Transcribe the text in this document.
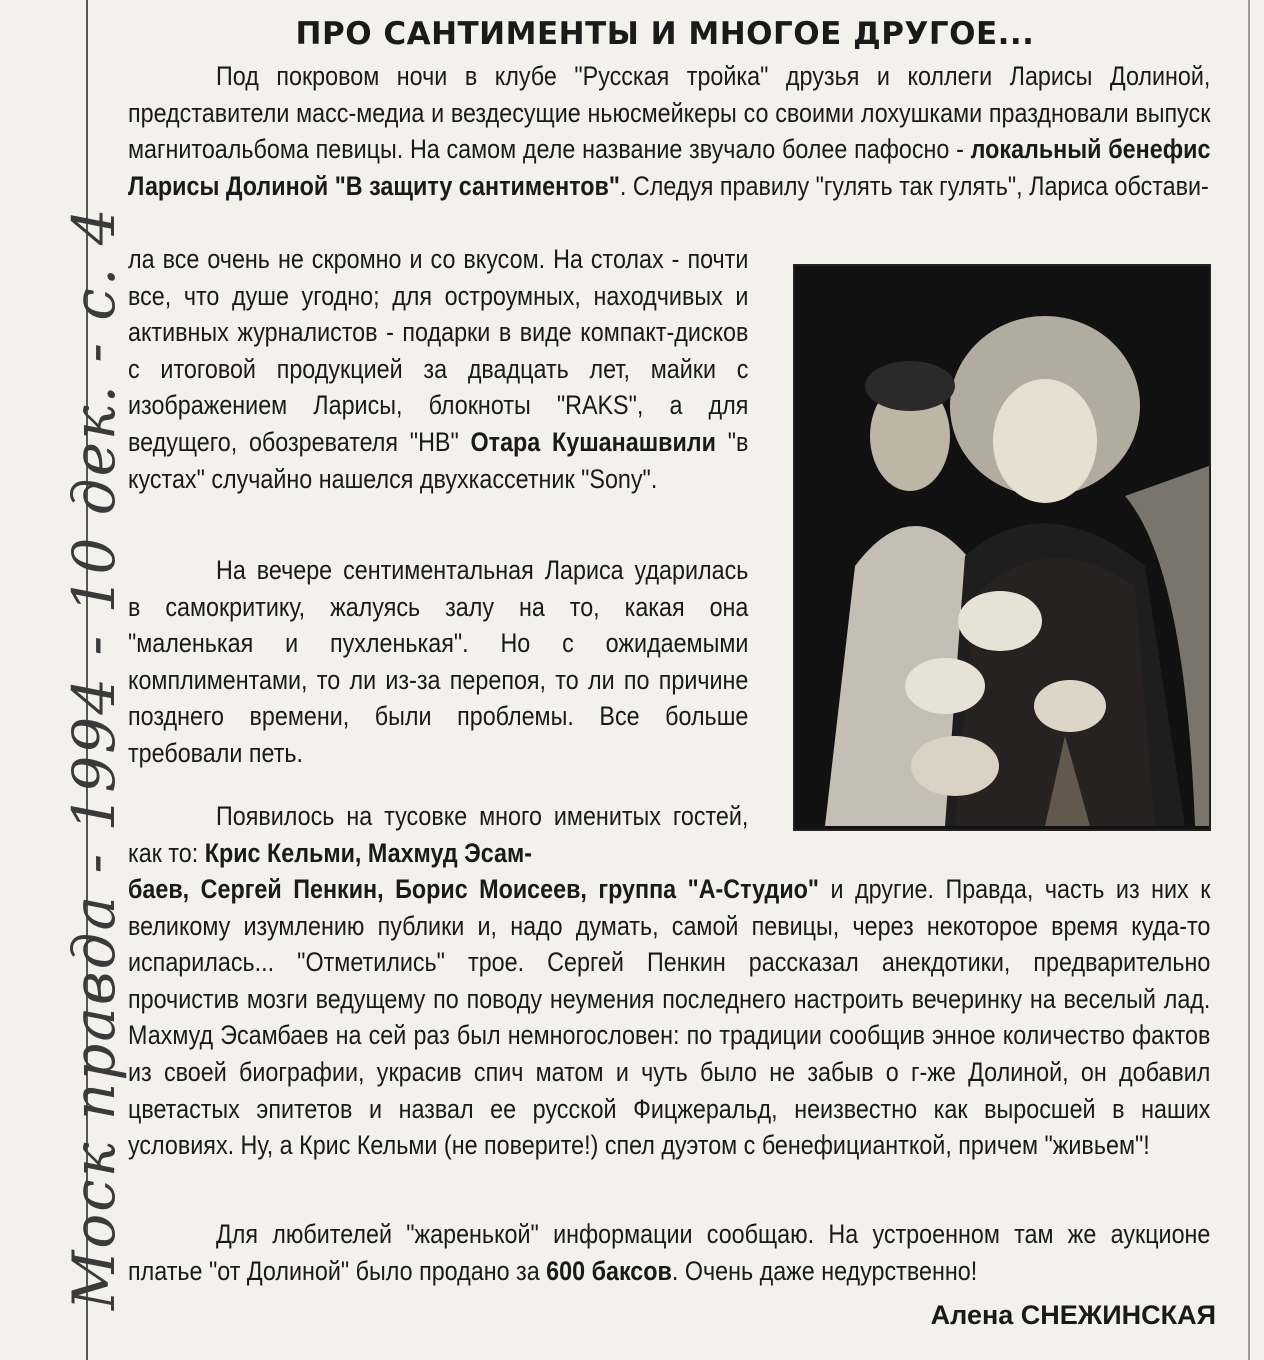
Моск правда - 1994 - 10 дек. - с. 4
ПРО САНТИМЕНТЫ И МНОГОЕ ДРУГОЕ...

Под покровом ночи в клубе "Русская тройка" друзья и коллеги Ларисы Долиной, представители масс-медиа и вездесущие ньюсмейкеры со своими лохушками праздновали выпуск магнитоальбома певицы. На самом деле название звучало более пафосно - локальный бенефис Ларисы Долиной "В защиту сантиментов". Следуя правилу "гулять так гулять", Лариса обстави-

ла все очень не скромно и со вкусом. На столах - почти все, что душе угодно; для остроумных, находчивых и активных журналистов - подарки в виде компакт-дисков с итоговой продукцией за двадцать лет, майки с изображением Ларисы, блокноты "RAKS", а для ведущего, обозревателя "НВ" Отара Кушанашвили "в кустах" случайно нашелся двухкассетник "Sony".

На вечере сентиментальная Лариса ударилась в самокритику, жалуясь залу на то, какая она "маленькая и пухленькая". Но с ожидаемыми комплиментами, то ли из-за перепоя, то ли по причине позднего времени, были проблемы. Все больше требовали петь.

Появилось на тусовке много именитых гостей, как то: Крис Кельми, Махмуд Эсам-

баев, Сергей Пенкин, Борис Моисеев, группа "А-Студио" и другие. Правда, часть из них к великому изумлению публики и, надо думать, самой певицы, через некоторое время куда-то испарилась... "Отметились" трое. Сергей Пенкин рассказал анекдотики, предварительно прочистив мозги ведущему по поводу неумения последнего настроить вечеринку на веселый лад. Махмуд Эсамбаев на сей раз был немногословен: по традиции сообщив энное количество фактов из своей биографии, украсив спич матом и чуть было не забыв о г-же Долиной, он добавил цветастых эпитетов и назвал ее русской Фицжеральд, неизвестно как выросшей в наших условиях. Ну, а Крис Кельми (не поверите!) спел дуэтом с бенефицианткой, причем "живьем"!

Для любителей "жаренькой" информации сообщаю. На устроенном там же аукционе платье "от Долиной" было продано за 600 баксов. Очень даже недурственно!

Алена СНЕЖИНСКАЯ
